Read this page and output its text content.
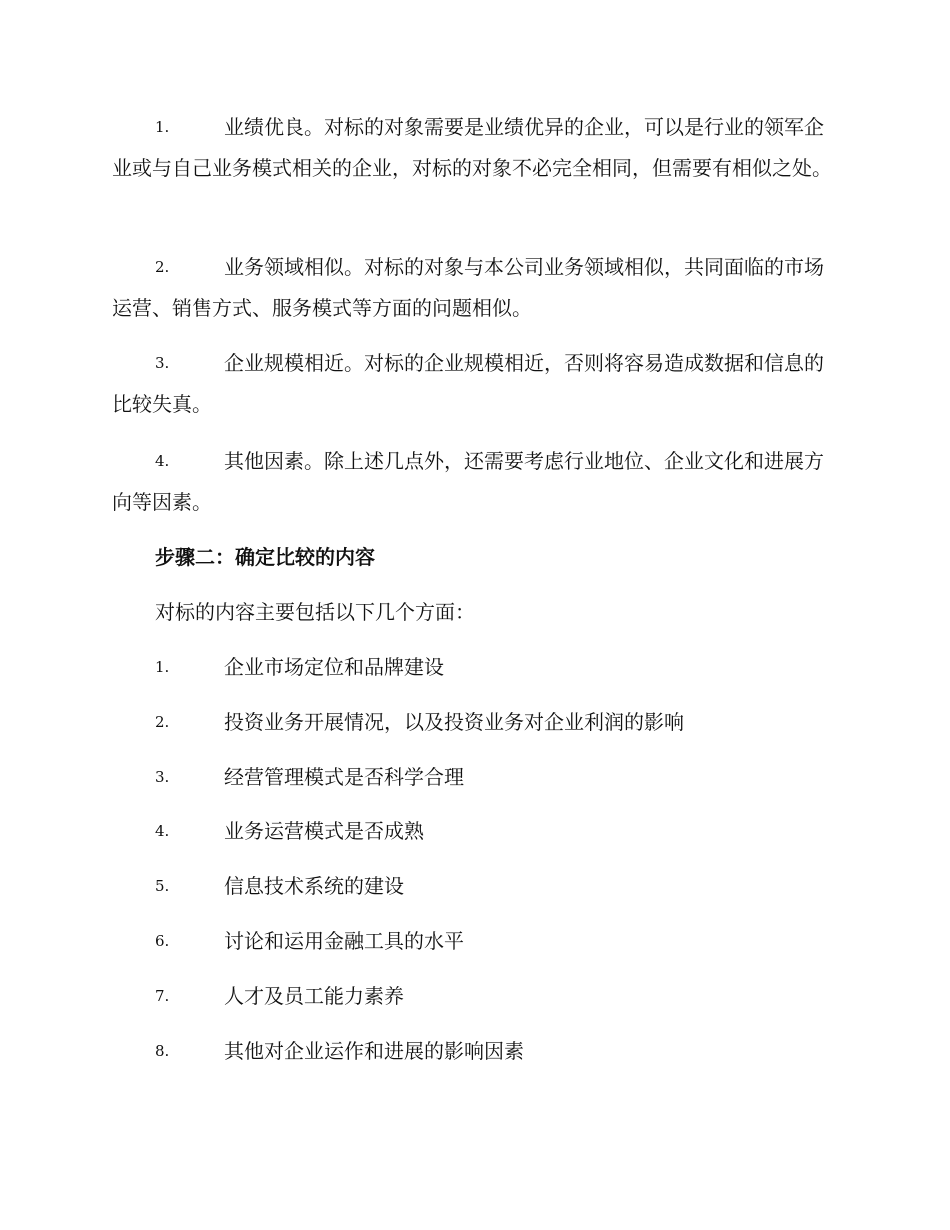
1.	业绩优良。对标的对象需要是业绩优异的企业，可以是行业的领军企业或与自己业务模式相关的企业，对标的对象不必完全相同，但需要有相似之处。

2.	业务领域相似。对标的对象与本公司业务领域相似，共同面临的市场运营、销售方式、服务模式等方面的问题相似。

3.	企业规模相近。对标的企业规模相近，否则将容易造成数据和信息的比较失真。

4.	其他因素。除上述几点外，还需要考虑行业地位、企业文化和进展方向等因素。

步骤二：确定比较的内容
对标的内容主要包括以下几个方面：
1.	企业市场定位和品牌建设
2.	投资业务开展情况，以及投资业务对企业利润的影响
3.	经营管理模式是否科学合理
4.	业务运营模式是否成熟
5.	信息技术系统的建设
6.	讨论和运用金融工具的水平
7.	人才及员工能力素养
8.	其他对企业运作和进展的影响因素
